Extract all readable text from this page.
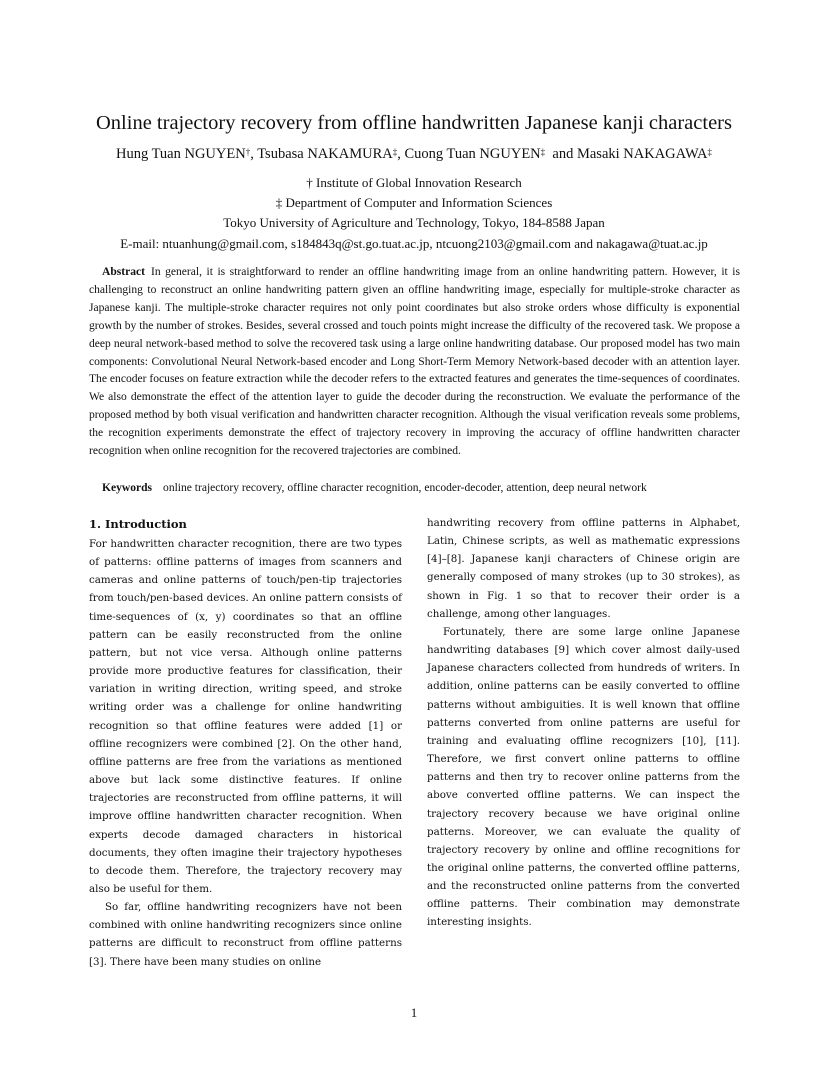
Online trajectory recovery from offline handwritten Japanese kanji characters
Hung Tuan NGUYEN†, Tsubasa NAKAMURA‡, Cuong Tuan NGUYEN‡  and Masaki NAKAGAWA‡
† Institute of Global Innovation Research
‡ Department of Computer and Information Sciences
Tokyo University of Agriculture and Technology, Tokyo, 184-8588 Japan
E-mail: ntuanhung@gmail.com, s184843q@st.go.tuat.ac.jp, ntcuong2103@gmail.com and nakagawa@tuat.ac.jp
Abstract In general, it is straightforward to render an offline handwriting image from an online handwriting pattern. However, it is challenging to reconstruct an online handwriting pattern given an offline handwriting image, especially for multiple-stroke character as Japanese kanji. The multiple-stroke character requires not only point coordinates but also stroke orders whose difficulty is exponential growth by the number of strokes. Besides, several crossed and touch points might increase the difficulty of the recovered task. We propose a deep neural network-based method to solve the recovered task using a large online handwriting database. Our proposed model has two main components: Convolutional Neural Network-based encoder and Long Short-Term Memory Network-based decoder with an attention layer. The encoder focuses on feature extraction while the decoder refers to the extracted features and generates the time-sequences of coordinates. We also demonstrate the effect of the attention layer to guide the decoder during the reconstruction. We evaluate the performance of the proposed method by both visual verification and handwritten character recognition. Although the visual verification reveals some problems, the recognition experiments demonstrate the effect of trajectory recovery in improving the accuracy of offline handwritten character recognition when online recognition for the recovered trajectories are combined.
Keywords online trajectory recovery, offline character recognition, encoder-decoder, attention, deep neural network
1. Introduction

For handwritten character recognition, there are two types of patterns: offline patterns of images from scanners and cameras and online patterns of touch/pen-tip trajectories from touch/pen-based devices. An online pattern consists of time-sequences of (x, y) coordinates so that an offline pattern can be easily reconstructed from the online pattern, but not vice versa. Although online patterns provide more productive features for classification, their variation in writing direction, writing speed, and stroke writing order was a challenge for online handwriting recognition so that offline features were added [1] or offline recognizers were combined [2]. On the other hand, offline patterns are free from the variations as mentioned above but lack some distinctive features. If online trajectories are reconstructed from offline patterns, it will improve offline handwritten character recognition. When experts decode damaged characters in historical documents, they often imagine their trajectory hypotheses to decode them. Therefore, the trajectory recovery may also be useful for them.

So far, offline handwriting recognizers have not been combined with online handwriting recognizers since online patterns are difficult to reconstruct from offline patterns [3]. There have been many studies on online

handwriting recovery from offline patterns in Alphabet, Latin, Chinese scripts, as well as mathematic expressions [4]–[8]. Japanese kanji characters of Chinese origin are generally composed of many strokes (up to 30 strokes), as shown in Fig. 1 so that to recover their order is a challenge, among other languages.

Fortunately, there are some large online Japanese handwriting databases [9] which cover almost daily-used Japanese characters collected from hundreds of writers. In addition, online patterns can be easily converted to offline patterns without ambiguities. It is well known that offline patterns converted from online patterns are useful for training and evaluating offline recognizers [10], [11]. Therefore, we first convert online patterns to offline patterns and then try to recover online patterns from the above converted offline patterns. We can inspect the trajectory recovery because we have original online patterns. Moreover, we can evaluate the quality of trajectory recovery by online and offline recognitions for the original online patterns, the converted offline patterns, and the reconstructed online patterns from the converted offline patterns. Their combination may demonstrate interesting insights.

1
